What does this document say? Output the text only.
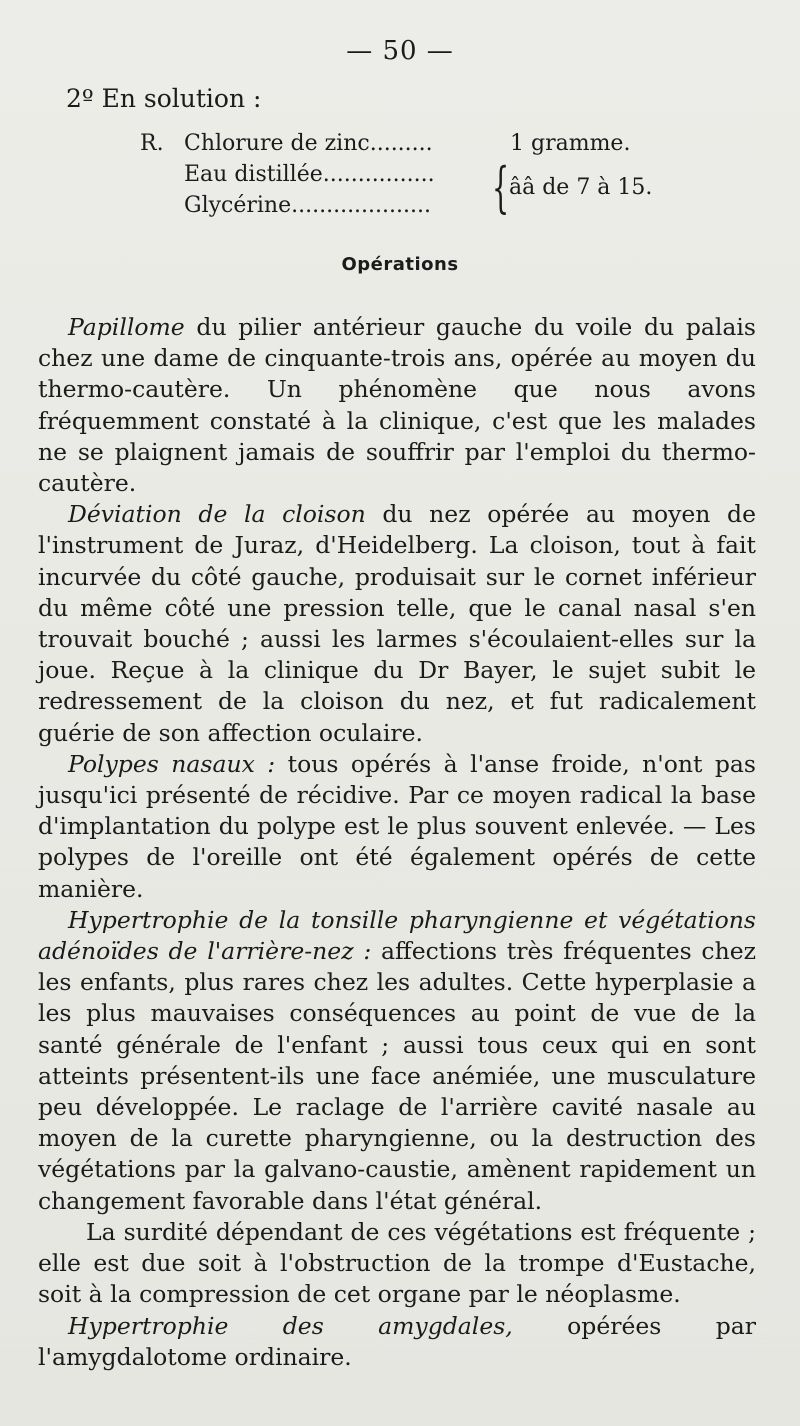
— 50 —
2º En solution :
R. Chlorure de zinc.........	1 gramme.
Eau distillée................
Glycérine....................	{ ââ de 7 à 15.
Opérations

Papillome du pilier antérieur gauche du voile du palais chez une dame de cinquante-trois ans, opérée au moyen du thermo-cautère. Un phénomène que nous avons fréquemment constaté à la clinique, c'est que les malades ne se plaignent jamais de souffrir par l'emploi du thermo-cautère.

Déviation de la cloison du nez opérée au moyen de l'instrument de Juraz, d'Heidelberg. La cloison, tout à fait incurvée du côté gauche, produisait sur le cornet inférieur du même côté une pression telle, que le canal nasal s'en trouvait bouché ; aussi les larmes s'écoulaient-elles sur la joue. Reçue à la clinique du Dr Bayer, le sujet subit le redressement de la cloison du nez, et fut radicalement guérie de son affection oculaire.

Polypes nasaux : tous opérés à l'anse froide, n'ont pas jusqu'ici présenté de récidive. Par ce moyen radical la base d'implantation du polype est le plus souvent enlevée. — Les polypes de l'oreille ont été également opérés de cette manière.

Hypertrophie de la tonsille pharyngienne et végétations adénoïdes de l'arrière-nez : affections très fréquentes chez les enfants, plus rares chez les adultes. Cette hyperplasie a les plus mauvaises conséquences au point de vue de la santé générale de l'enfant ; aussi tous ceux qui en sont atteints présentent-ils une face anémiée, une musculature peu développée. Le raclage de l'arrière cavité nasale au moyen de la curette pharyngienne, ou la destruction des végétations par la galvano-caustie, amènent rapidement un changement favorable dans l'état général.

La surdité dépendant de ces végétations est fréquente ; elle est due soit à l'obstruction de la trompe d'Eustache, soit à la compression de cet organe par le néoplasme.

Hypertrophie des amygdales, opérées par l'amygdalotome ordinaire.
